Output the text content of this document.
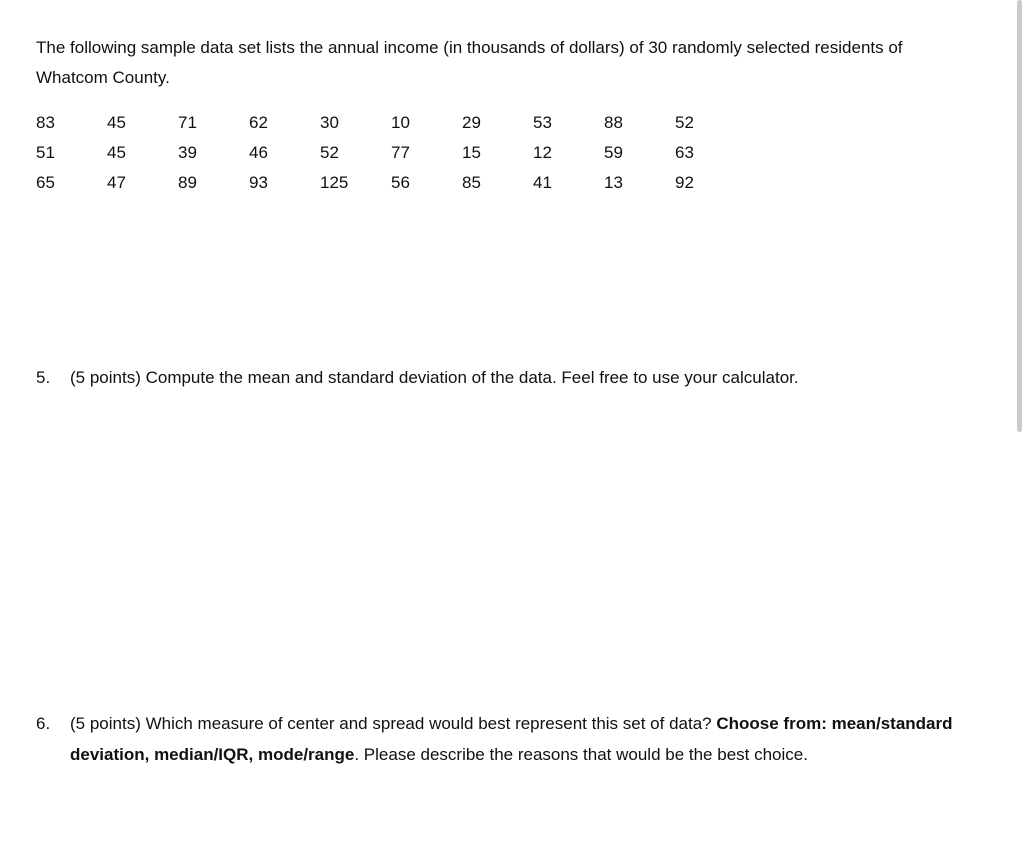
The following sample data set lists the annual income (in thousands of dollars) of 30 randomly selected residents of Whatcom County.

83	45	71	62	30	10	29	53	88	52
51	45	39	46	52	77	15	12	59	63
65	47	89	93	125	56	85	41	13	92
5.	(5 points) Compute the mean and standard deviation of the data. Feel free to use your calculator.
6.	(5 points) Which measure of center and spread would best represent this set of data? Choose from: mean/standard deviation, median/IQR, mode/range. Please describe the reasons that would be the best choice.
